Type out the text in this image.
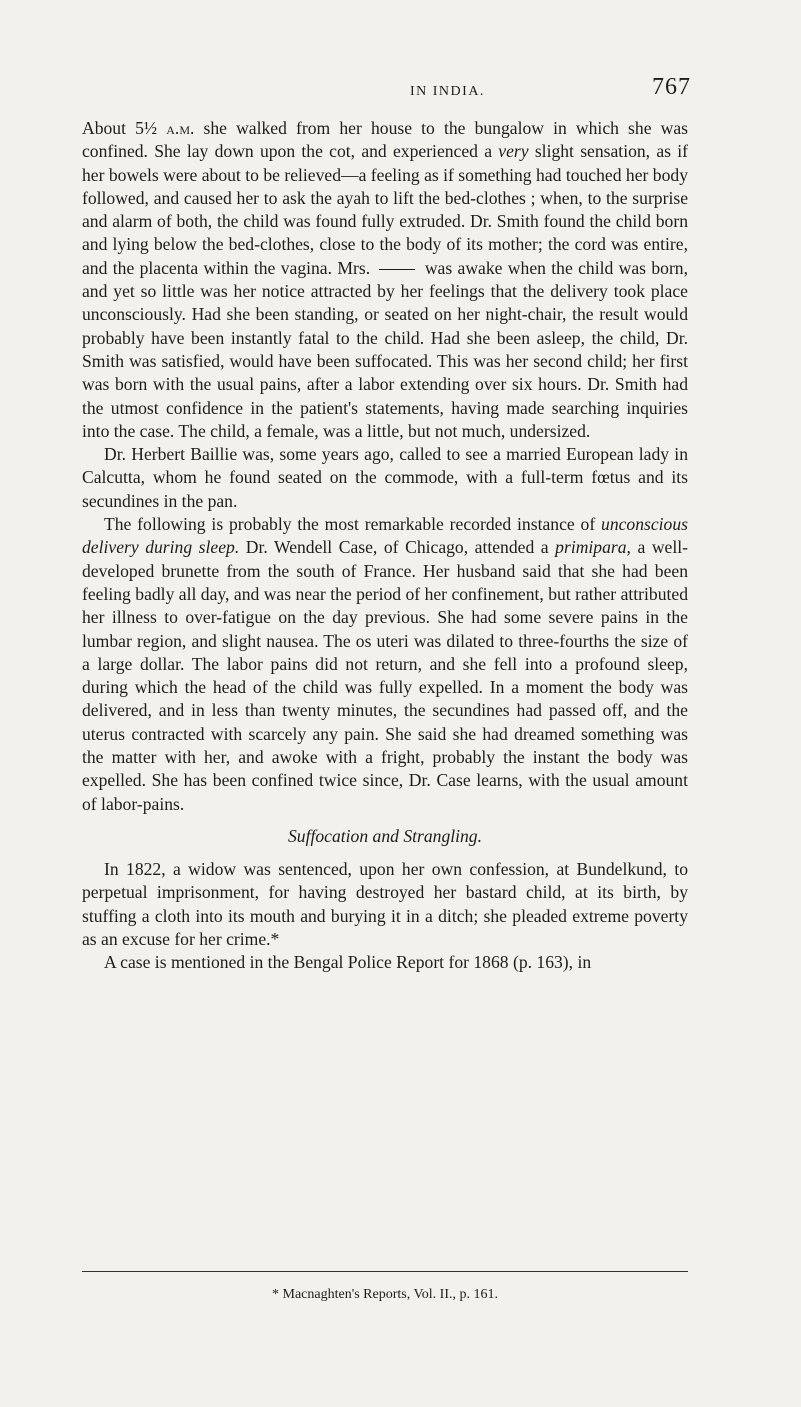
IN INDIA.	767

About 5½ a.m. she walked from her house to the bungalow in which she was confined. She lay down upon the cot, and experienced a very slight sensation, as if her bowels were about to be relieved—a feeling as if something had touched her body followed, and caused her to ask the ayah to lift the bed-clothes ; when, to the surprise and alarm of both, the child was found fully extruded. Dr. Smith found the child born and lying below the bed-clothes, close to the body of its mother; the cord was entire, and the placenta within the vagina. Mrs.	was awake when the child was born, and yet so little was her notice attracted by her feelings that the delivery took place unconsciously. Had she been standing, or seated on her night-chair, the result would probably have been instantly fatal to the child. Had she been asleep, the child, Dr. Smith was satisfied, would have been suffocated. This was her second child; her first was born with the usual pains, after a labor extending over six hours. Dr. Smith had the utmost confidence in the patient's statements, having made searching inquiries into the case. The child, a female, was a little, but not much, undersized.

Dr. Herbert Baillie was, some years ago, called to see a married European lady in Calcutta, whom he found seated on the commode, with a full-term fœtus and its secundines in the pan.

The following is probably the most remarkable recorded instance of unconscious delivery during sleep. Dr. Wendell Case, of Chicago, attended a primipara, a well-developed brunette from the south of France. Her husband said that she had been feeling badly all day, and was near the period of her confinement, but rather attributed her illness to over-fatigue on the day previous. She had some severe pains in the lumbar region, and slight nausea. The os uteri was dilated to three-fourths the size of a large dollar. The labor pains did not return, and she fell into a profound sleep, during which the head of the child was fully expelled. In a moment the body was delivered, and in less than twenty minutes, the secundines had passed off, and the uterus contracted with scarcely any pain. She said she had dreamed something was the matter with her, and awoke with a fright, probably the instant the body was expelled. She has been confined twice since, Dr. Case learns, with the usual amount of labor-pains.

Suffocation and Strangling.

In 1822, a widow was sentenced, upon her own confession, at Bundelkund, to perpetual imprisonment, for having destroyed her bastard child, at its birth, by stuffing a cloth into its mouth and burying it in a ditch; she pleaded extreme poverty as an excuse for her crime.*

A case is mentioned in the Bengal Police Report for 1868 (p. 163), in

* Macnaghten's Reports, Vol. II., p. 161.
